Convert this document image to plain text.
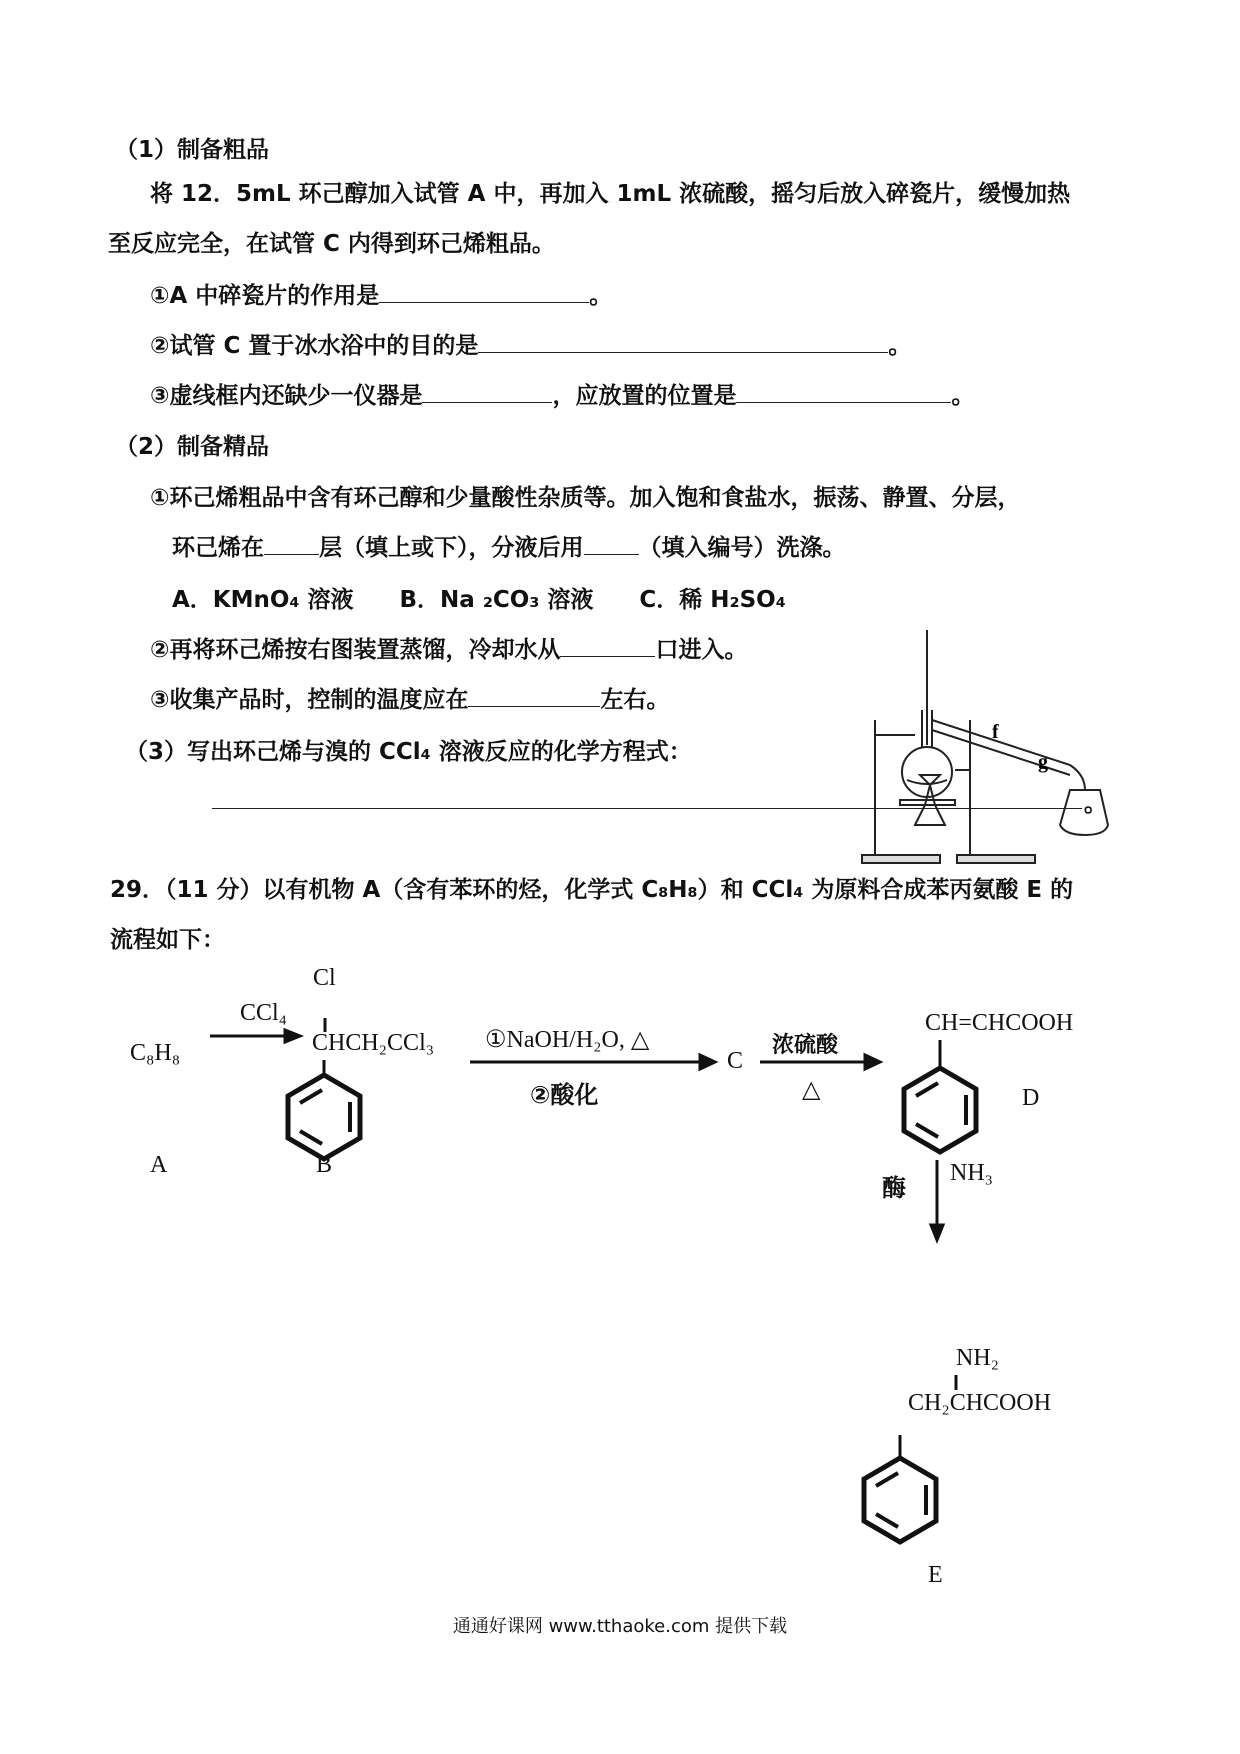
（1）制备粗品
将 12．5mL 环己醇加入试管 A 中，再加入 1mL 浓硫酸，摇匀后放入碎瓷片，缓慢加热
至反应完全，在试管 C 内得到环己烯粗品。
①A 中碎瓷片的作用是	。
②试管 C 置于冰水浴中的目的是	。
③虚线框内还缺少一仪器是	，应放置的位置是	。
（2）制备精品
①环己烯粗品中含有环己醇和少量酸性杂质等。加入饱和食盐水，振荡、静置、分层，
环己烯在 层（填上或下），分液后用 （填入编号）洗涤。
A．KMnO₄ 溶液　　B．Na ₂CO₃ 溶液　　C．稀 H₂SO₄
②再将环己烯按右图装置蒸馏，冷却水从	口进入。
③收集产品时，控制的温度应在	左右。
f
g
（3）写出环己烯与溴的 CCl₄ 溶液反应的化学方程式：
。
29．（11 分）以有机物 A（含有苯环的烃，化学式 C₈H₈）和 CCl₄ 为原料合成苯丙氨酸 E 的
流程如下：
CCl₄
C₈H₈
A
Cl
CHCH₂CCl₃
B
①NaOH/H₂O, △
②酸化
C
浓硫酸
△
CH=CHCOOH
D
酶
NH₃
NH₂
CH₂CHCOOH
E
通通好课网 www.tthaoke.com 提供下载
